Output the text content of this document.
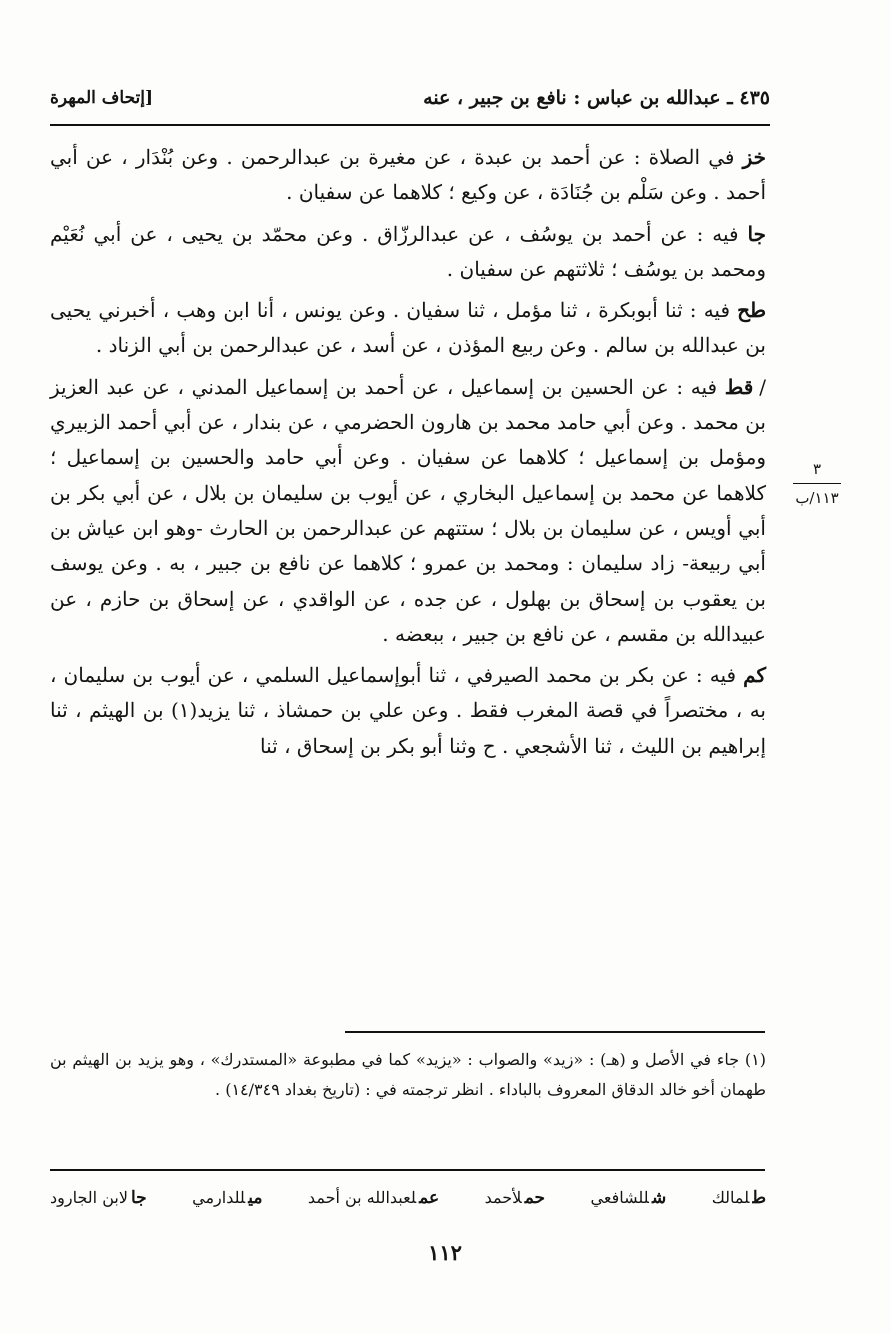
٤٣٥ ـ عبدالله بن عباس : نافع بن جبير ، عنه
[إتحاف المهرة
٣
١١٣/ب

خز في الصلاة : عن أحمد بن عبدة ، عن مغيرة بن عبدالرحمن . وعن بُنْدَار ، عن أبي أحمد . وعن سَلْم بن جُنَادَة ، عن وكيع ؛ كلاهما عن سفيان .

جا فيه : عن أحمد بن يوسُف ، عن عبدالرزّاق . وعن محمّد بن يحيى ، عن أبي نُعَيْم ومحمد بن يوسُف ؛ ثلاثتهم عن سفيان .

طح فيه : ثنا أبوبكرة ، ثنا مؤمل ، ثنا سفيان . وعن يونس ، أنا ابن وهب ، أخبرني يحيى بن عبدالله بن سالم . وعن ربيع المؤذن ، عن أسد ، عن عبدالرحمن بن أبي الزناد .

/قط فيه : عن الحسين بن إسماعيل ، عن أحمد بن إسماعيل المدني ، عن عبد العزيز بن محمد . وعن أبي حامد محمد بن هارون الحضرمي ، عن بندار ، عن أبي أحمد الزبيري ومؤمل بن إسماعيل ؛ كلاهما عن سفيان . وعن أبي حامد والحسين بن إسماعيل ؛ كلاهما عن محمد بن إسماعيل البخاري ، عن أيوب بن سليمان بن بلال ، عن أبي بكر بن أبي أويس ، عن سليمان بن بلال ؛ ستتهم عن عبدالرحمن بن الحارث -وهو ابن عياش بن أبي ربيعة- زاد سليمان : ومحمد بن عمرو ؛ كلاهما عن نافع بن جبير ، به . وعن يوسف بن يعقوب بن إسحاق بن بهلول ، عن جده ، عن الواقدي ، عن إسحاق بن حازم ، عن عبيدالله بن مقسم ، عن نافع بن جبير ، ببعضه .

كم فيه : عن بكر بن محمد الصيرفي ، ثنا أبوإسماعيل السلمي ، عن أيوب بن سليمان ، به ، مختصراً في قصة المغرب فقط . وعن علي بن حمشاذ ، ثنا يزيد(١) بن الهيثم ، ثنا إبراهيم بن الليث ، ثنا الأشجعي . ح وثنا أبو بكر بن إسحاق ، ثنا

(١) جاء في الأصل و (هـ) : «زيد» والصواب : «يزيد» كما في مطبوعة «المستدرك» ، وهو يزيد بن الهيثم بن طهمان أخو خالد الدقاق المعروف بالباداء . انظر ترجمته في : (تاريخ بغداد ١٤/٣٤٩) .
طلمالك
شللشافعي
حملأحمد
عملعبدالله بن أحمد
ميللدارمي
جالابن الجارود
١١٢
